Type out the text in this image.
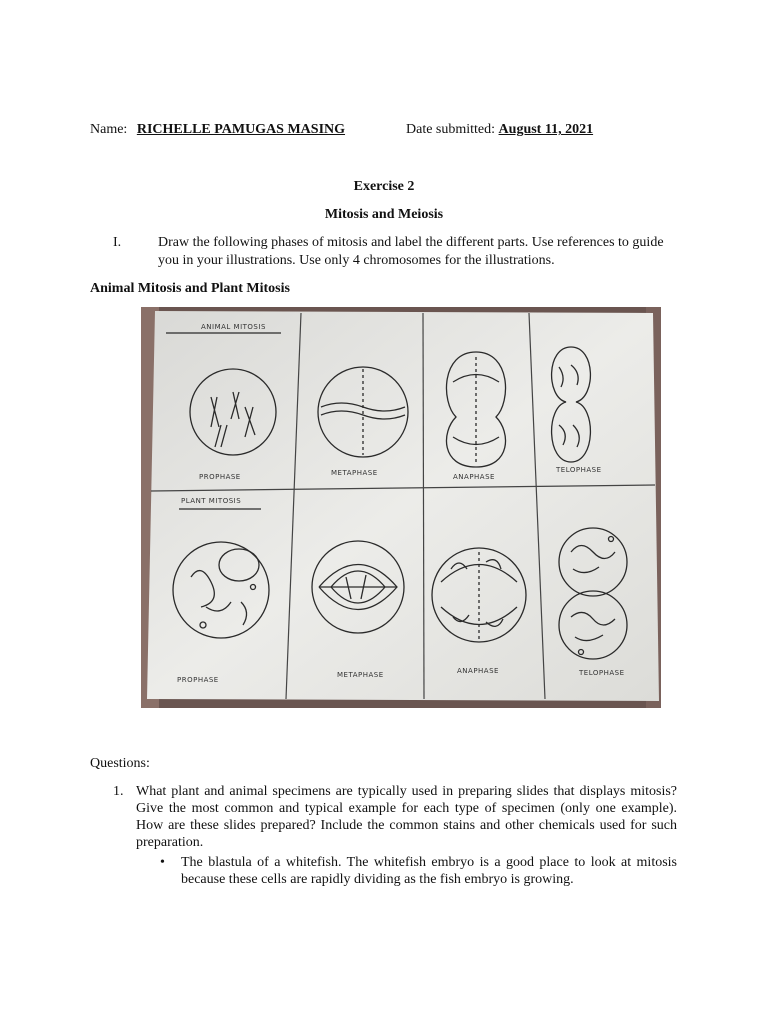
Name: RICHELLE PAMUGAS MASING	Date submitted: August 11, 2021
Exercise 2
Mitosis and Meiosis
I.	Draw the following phases of mitosis and label the different parts. Use references to guide
you in your illustrations. Use only 4 chromosomes for the illustrations.
Animal Mitosis and Plant Mitosis
ANIMAL MITOSIS
PROPHASE	METAPHASE	ANAPHASE
TELOPHASE
PLANT MITOSIS
PROPHASE
METAPHASE	ANAPHASE	TELOPHASE
Questions:
1. What plant and animal specimens are typically used in preparing slides that displays mitosis? Give the most common and typical example for each type of specimen (only one example). How are these slides prepared? Include the common stains and other chemicals used for such preparation.
• The blastula of a whitefish. The whitefish embryo is a good place to look at mitosis because these cells are rapidly dividing as the fish embryo is growing.
